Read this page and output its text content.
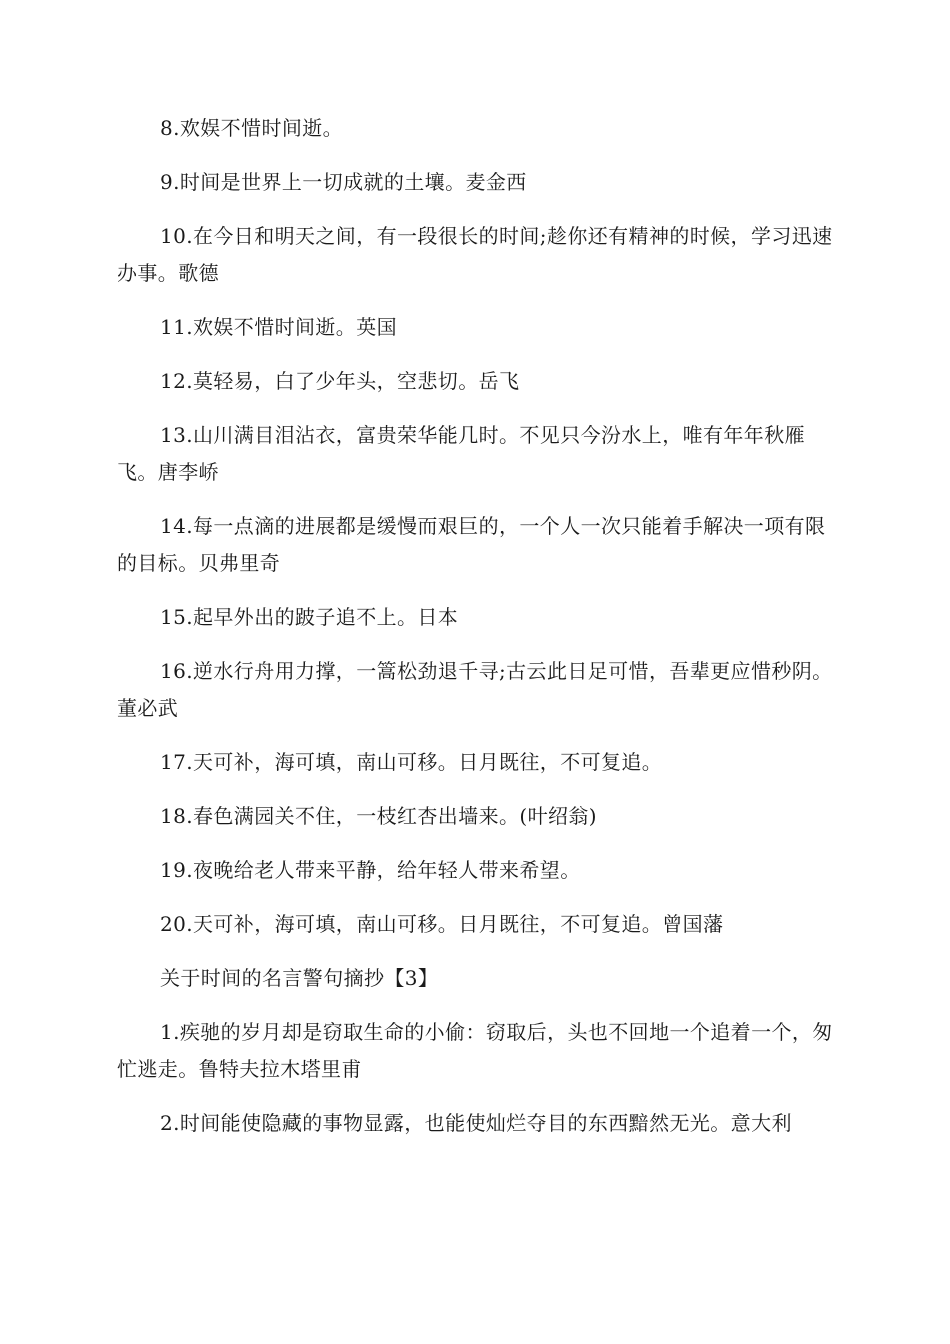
8.欢娱不惜时间逝。

9.时间是世界上一切成就的土壤。麦金西

10.在今日和明天之间，有一段很长的时间;趁你还有精神的时候，学习迅速办事。歌德

11.欢娱不惜时间逝。英国

12.莫轻易，白了少年头，空悲切。岳飞

13.山川满目泪沾衣，富贵荣华能几时。不见只今汾水上，唯有年年秋雁飞。唐李峤

14.每一点滴的进展都是缓慢而艰巨的，一个人一次只能着手解决一项有限的目标。贝弗里奇

15.起早外出的跛子追不上。日本

16.逆水行舟用力撑，一篙松劲退千寻;古云此日足可惜，吾辈更应惜秒阴。董必武

17.天可补，海可填，南山可移。日月既往，不可复追。

18.春色满园关不住，一枝红杏出墙来。(叶绍翁)

19.夜晚给老人带来平静，给年轻人带来希望。

20.天可补，海可填，南山可移。日月既往，不可复追。曾国藩

关于时间的名言警句摘抄【3】

1.疾驰的岁月却是窃取生命的小偷：窃取后，头也不回地一个追着一个，匆忙逃走。鲁特夫拉木塔里甫

2.时间能使隐藏的事物显露，也能使灿烂夺目的东西黯然无光。意大利
